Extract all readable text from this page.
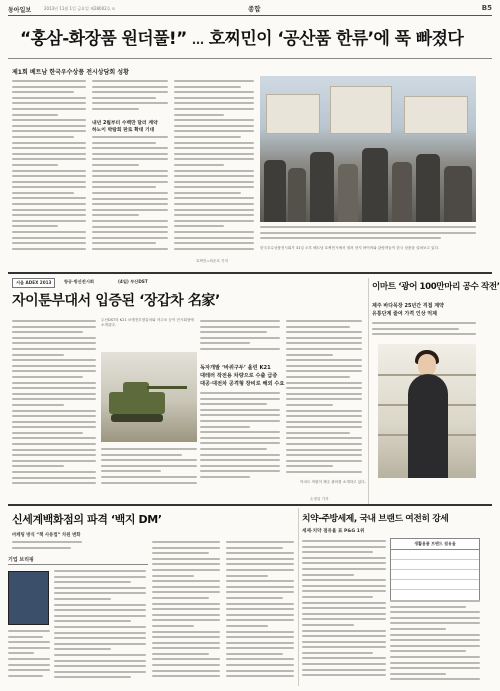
동아일보	2013년 11월 1일 금요일 제28002호 ⊙	종합	B5
“홍삼-화장품 원더풀!” … 호찌민이 ‘공산품 한류’에 푹 빠졌다
제1회 베트남 한국우수상품 전시상담회 성황
내년 2월부터 수백만 달러 계약
하노이 박람회 판로 확대 기대
호찌민=최준호 기자
한국우수상품전시회가 31일 오후 베트남 호찌민시에서 열려 현지 바이어와 관람객들이 한국 상품을 살펴보고 있다.
서울 ADEX 2013	항공·방산전시회	(4일) 부산DST
자이툰부대서 입증된 ‘장갑차 名家’
두산DST의 K21 보병전투장갑차와 자주포 등이 전시회장에 소개된다.
독자개발 ‘바퀴구두’ 올린 K21
대테러 작전용 차량으로 수출 급증
대공·대전차 공격형 장비로 해외 수요
손영일 기자
이마트 ‘광어 100만마리 공수 작전’
제주 바다목장 25년간 직접 계약
유통단계 줄여 가격 인상 억제
이마트 직원이 제주 광어를 소개하고 있다.
신세계백화점의 파격 ‘백지 DM’
마케팅 방식 “책 사용법” 차원 변화
기업 브리핑
치약-주방세제, 국내 브랜드 여전히 강세
세제·치약 점유율 표 P&G 1위
생활용품 브랜드 점유율
